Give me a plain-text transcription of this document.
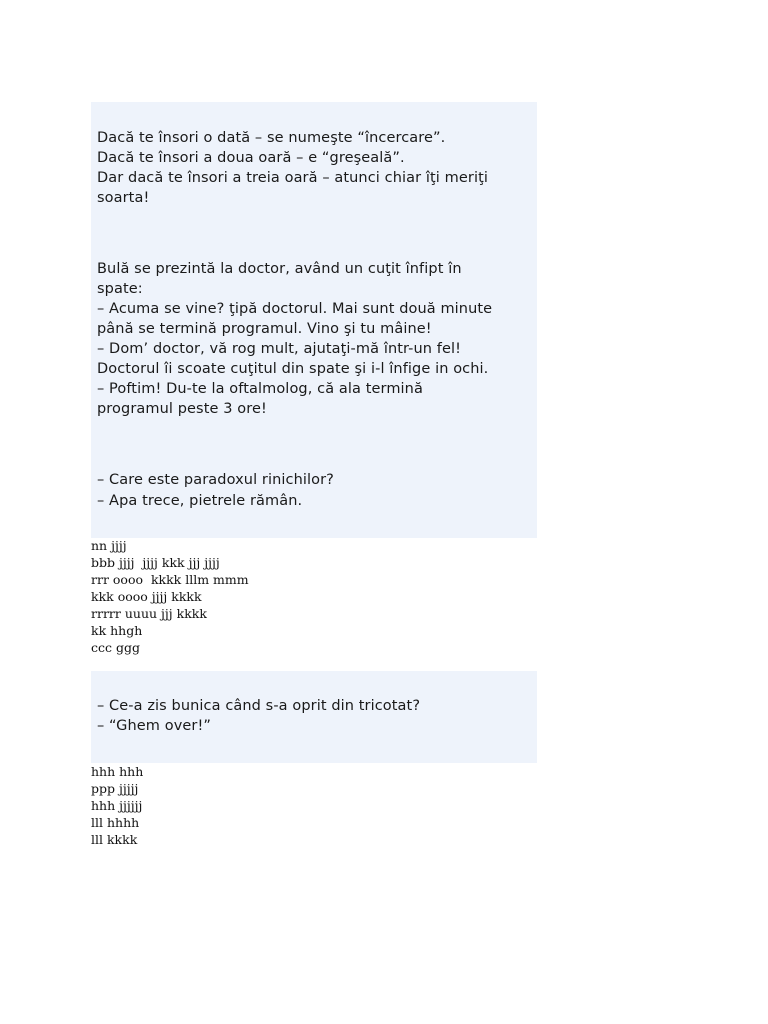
Dacă te însori o dată – se numeşte “încercare”.
Dacă te însori a doua oară – e “greşeală”.
Dar dacă te însori a treia oară – atunci chiar îţi meriţi
soarta!
Bulă se prezintă la doctor, având un cuţit înfipt în
spate:
– Acuma se vine? ţipă doctorul. Mai sunt două minute
până se termină programul. Vino şi tu mâine!
– Dom’ doctor, vă rog mult, ajutaţi-mă într-un fel!
Doctorul îi scoate cuţitul din spate şi i-l înfige in ochi.
– Poftim! Du-te la oftalmolog, că ala termină
programul peste 3 ore!
– Care este paradoxul rinichilor?
– Apa trece, pietrele rămân.
nn jjjj
bbb jjjj  jjjj kkk jjj jjjj
rrr oooo  kkkk lllm mmm
kkk oooo jjjj kkkk
rrrrr uuuu jjj kkkk
kk hhgh
ccc ggg
– Ce-a zis bunica când s-a oprit din tricotat?
– “Ghem over!”
hhh hhh
ppp jjjjj
hhh jjjjjj
lll hhhh
lll kkkk
